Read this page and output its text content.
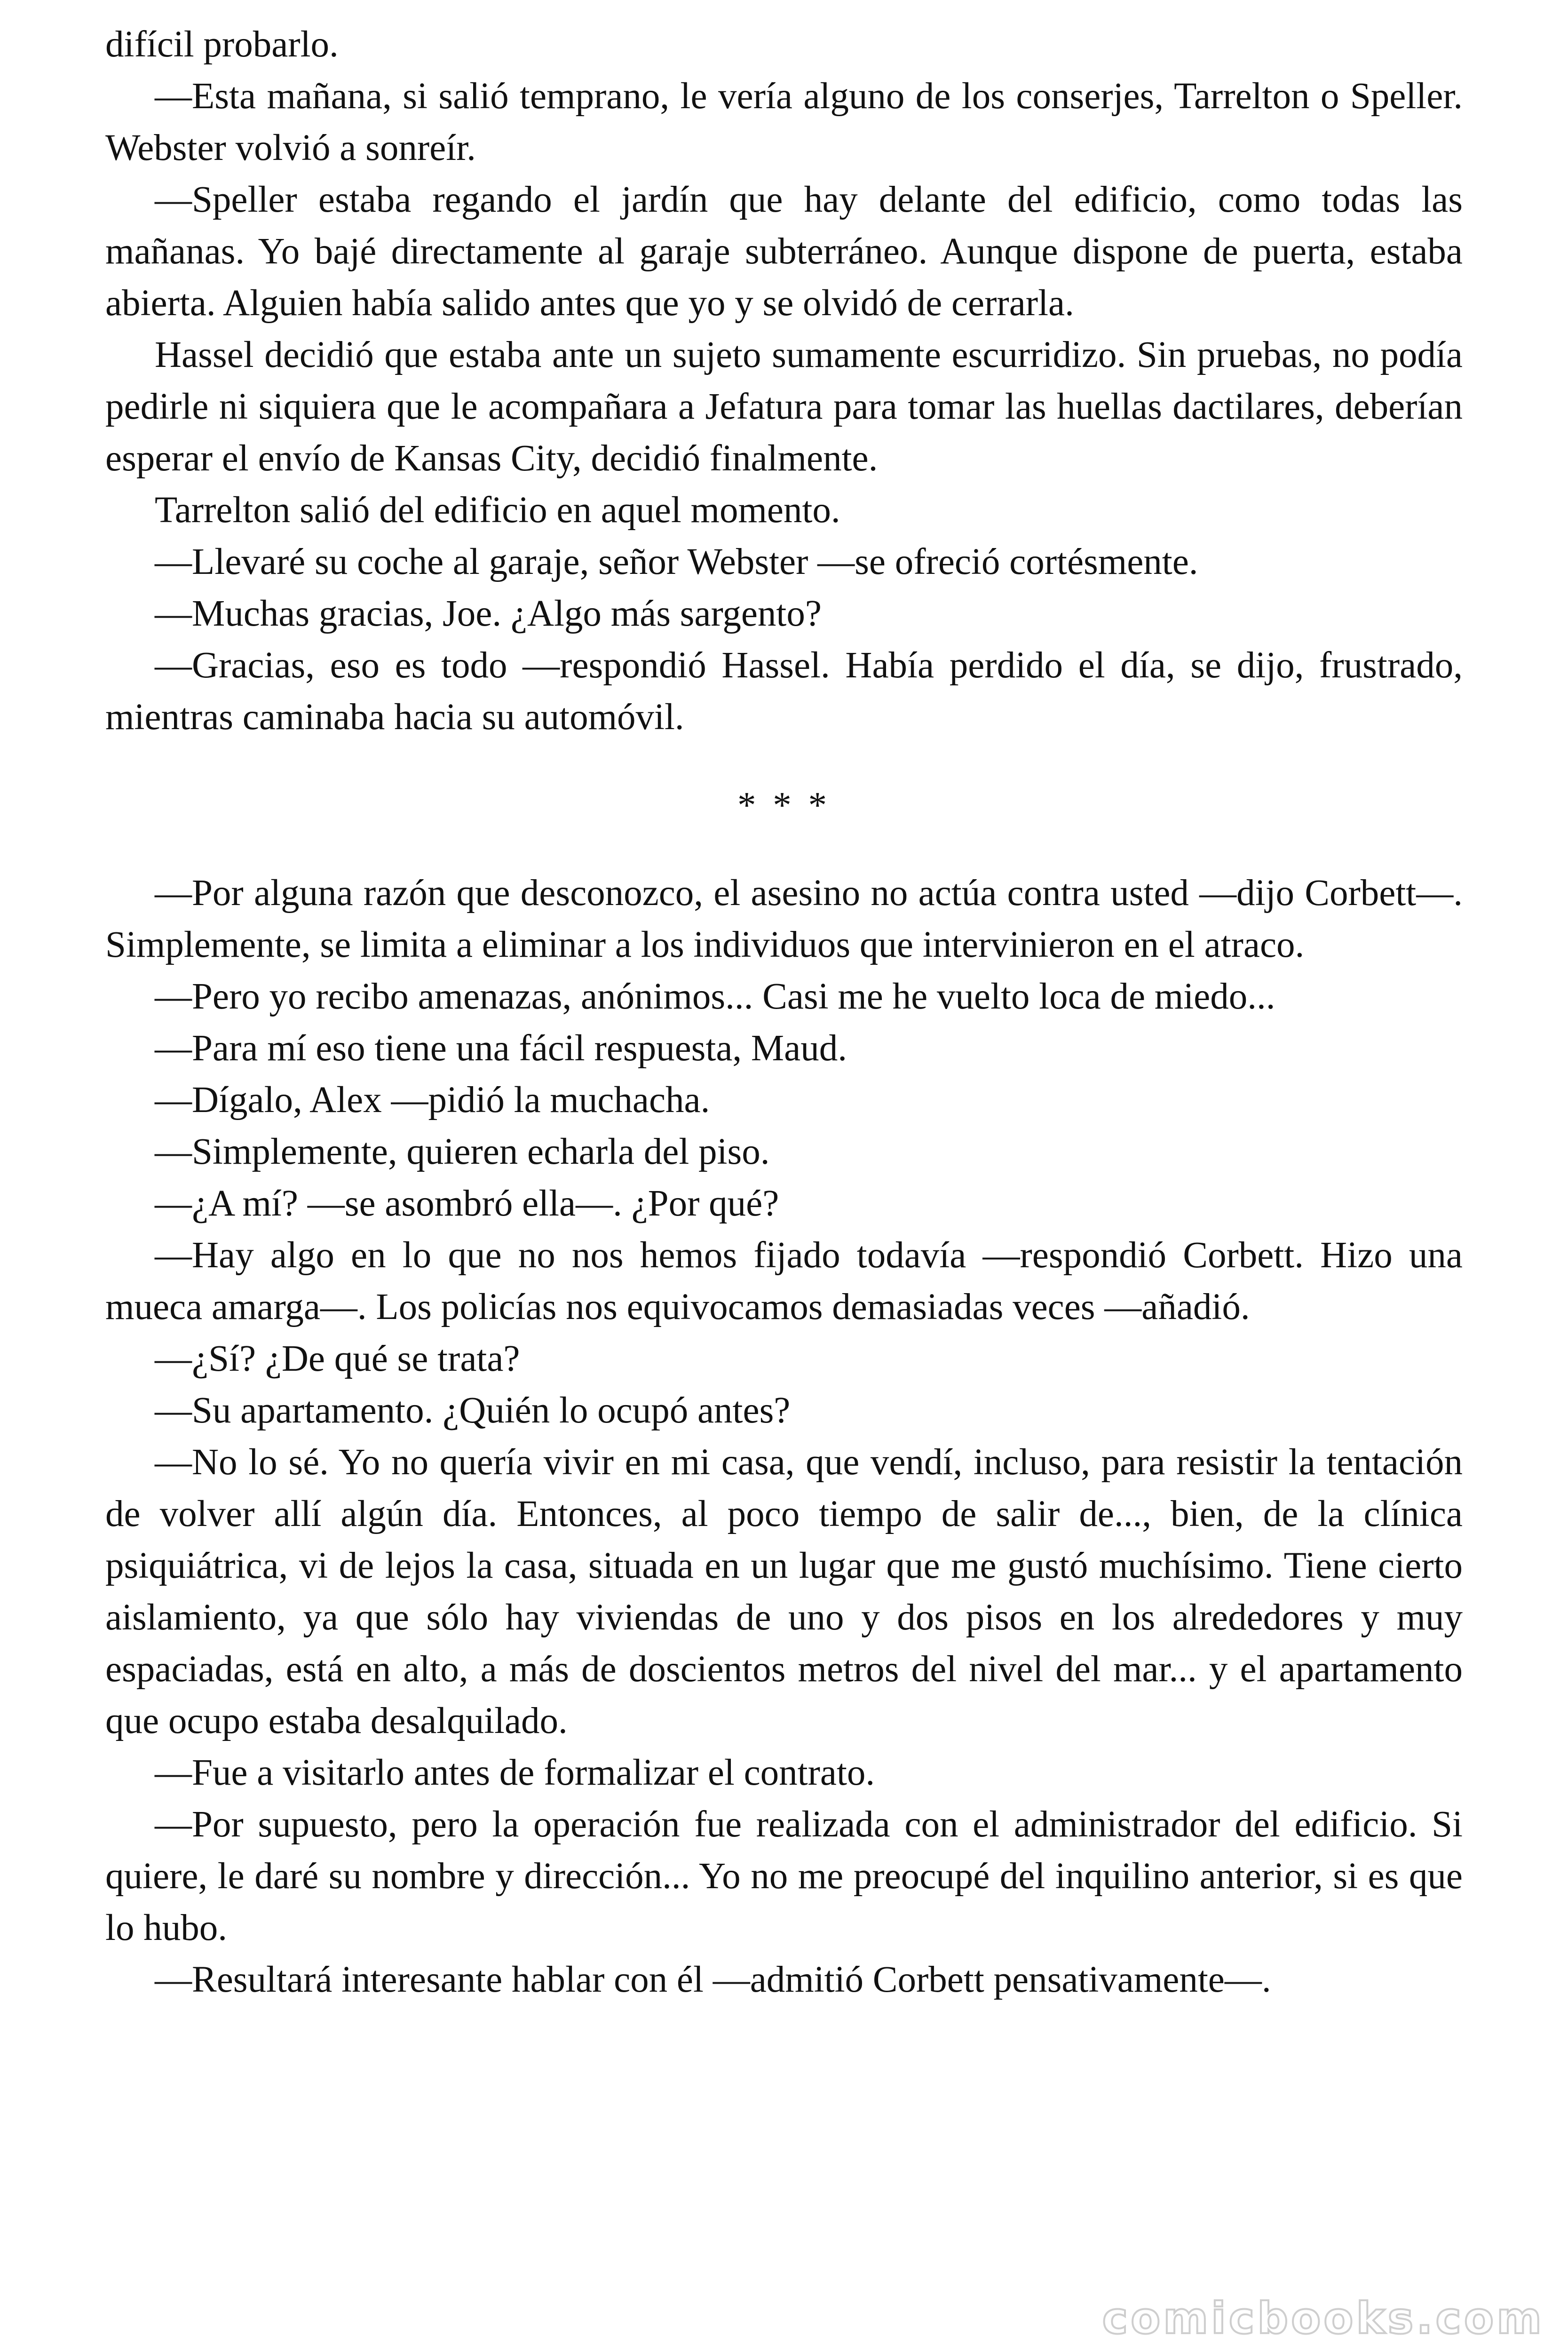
difícil probarlo.

—Esta mañana, si salió temprano, le vería alguno de los conserjes, Tarrelton o Speller. Webster volvió a sonreír.

—Speller estaba regando el jardín que hay delante del edificio, como todas las mañanas. Yo bajé directamente al garaje subterráneo. Aunque dispone de puerta, estaba abierta. Alguien había salido antes que yo y se olvidó de cerrarla.

Hassel decidió que estaba ante un sujeto sumamente escurridizo. Sin pruebas, no podía pedirle ni siquiera que le acompañara a Jefatura para tomar las huellas dactilares, deberían esperar el envío de Kansas City, decidió finalmente.

Tarrelton salió del edificio en aquel momento.

—Llevaré su coche al garaje, señor Webster —se ofreció cortésmente.

—Muchas gracias, Joe. ¿Algo más sargento?

—Gracias, eso es todo —respondió Hassel. Había perdido el día, se dijo, frustrado, mientras caminaba hacia su automóvil.

* * *

—Por alguna razón que desconozco, el asesino no actúa contra usted —dijo Corbett—. Simplemente, se limita a eliminar a los individuos que intervinieron en el atraco.

—Pero yo recibo amenazas, anónimos... Casi me he vuelto loca de miedo...

—Para mí eso tiene una fácil respuesta, Maud.

—Dígalo, Alex —pidió la muchacha.

—Simplemente, quieren echarla del piso.

—¿A mí? —se asombró ella—. ¿Por qué?

—Hay algo en lo que no nos hemos fijado todavía —respondió Corbett. Hizo una mueca amarga—. Los policías nos equivocamos demasiadas veces —añadió.

—¿Sí? ¿De qué se trata?

—Su apartamento. ¿Quién lo ocupó antes?

—No lo sé. Yo no quería vivir en mi casa, que vendí, incluso, para resistir la tentación de volver allí algún día. Entonces, al poco tiempo de salir de..., bien, de la clínica psiquiátrica, vi de lejos la casa, situada en un lugar que me gustó muchísimo. Tiene cierto aislamiento, ya que sólo hay viviendas de uno y dos pisos en los alrededores y muy espaciadas, está en alto, a más de doscientos metros del nivel del mar... y el apartamento que ocupo estaba desalquilado.

—Fue a visitarlo antes de formalizar el contrato.

—Por supuesto, pero la operación fue realizada con el administrador del edificio. Si quiere, le daré su nombre y dirección... Yo no me preocupé del inquilino anterior, si es que lo hubo.

—Resultará interesante hablar con él —admitió Corbett pensativamente—.

comicbooks.com
